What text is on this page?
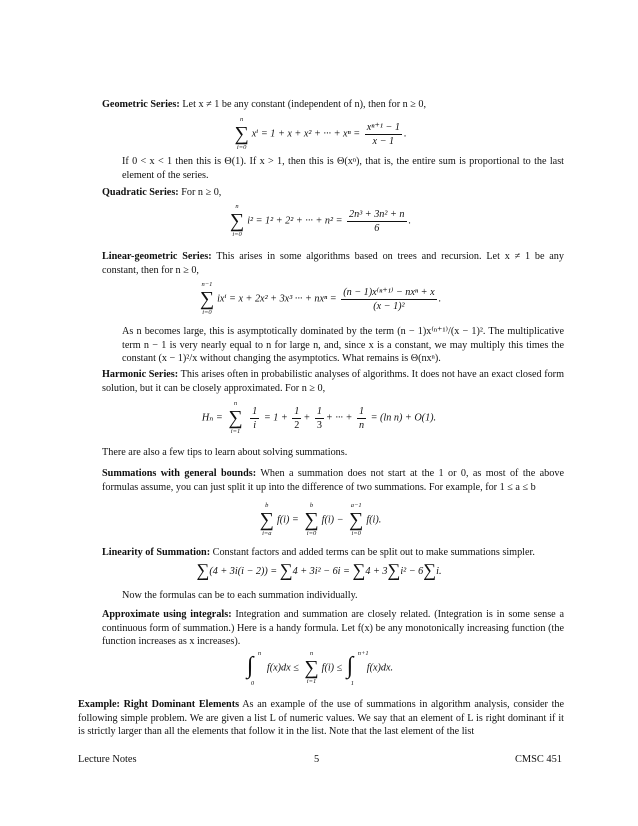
Geometric Series: Let x ≠ 1 be any constant (independent of n), then for n ≥ 0,
n
∑
i=0
xⁱ = 1 + x + x² + ··· + $x^n = \frac{\text{xⁿ⁺¹ − 1}}{x - 1}$ .
If 0 < x < 1 then this is Θ(1). If x > 1, then this is Θ(xⁿ), that is, the entire sum is proportional to the last element of the series.
Quadratic Series: For n ≥ 0,
n
∑
i=0
i² = 1² + 2² + ··· + $n^2 = \frac{\text{2n³ + 3n² + n}}{6}$ .
Linear-geometric Series: This arises in some algorithms based on trees and recursion. Let x ≠ 1 be any constant, then for n ≥ 0,
n−1
∑
i=0
ixⁱ = x + 2x² + 3x³ ··· + $nx^n = \frac{\text{(n − 1)x⁽ⁿ⁺¹⁾ − nxⁿ + x}}{\text{(x − 1)²}}$ .
As n becomes large, this is asymptotically dominated by the term (n − 1)x⁽ⁿ⁺¹⁾/(x − 1)². The multiplicative term n − 1 is very nearly equal to n for large n, and, since x is a constant, we may multiply this times the constant (x − 1)²/x without changing the asymptotics. What remains is Θ(nxⁿ).
Harmonic Series: This arises often in probabilistic analyses of algorithms. It does not have an exact closed form solution, but it can be closely approximated. For n ≥ 0,
Hₙ =
n
∑
i=1
$\frac{1}{i} = 1 + \frac{1}{2} + \frac{1}{3}$ + ··· + $\frac{1}{n} = (\ln$ n) + O(1).
There are also a few tips to learn about solving summations.
Summations with general bounds: When a summation does not start at the 1 or 0, as most of the above formulas assume, you can just split it up into the difference of two summations. For example, for 1 ≤ a ≤ b
b
∑
i=a
f(i) =
b
∑
i=0
f(i) −
a−1
∑
i=0
f(i).
Linearity of Summation: Constant factors and added terms can be split out to make summations simpler.
∑(4 + 3i(i − 2)) = ∑4 + 3i² − 6i = ∑4 + 3∑i² − 6∑i.
Now the formulas can be to each summation individually.
Approximate using integrals: Integration and summation are closely related. (Integration is in some sense a continuous form of summation.) Here is a handy formula. Let f(x) be any monotonically increasing function (the function increases as x increases).
n
∫
0
f(x)dx ≤
n
∑
i=1
f(i) ≤
n+1
∫
1
f(x)dx.
Example: Right Dominant Elements As an example of the use of summations in algorithm analysis, consider the following simple problem. We are given a list L of numeric values. We say that an element of L is right dominant if it is strictly larger than all the elements that follow it in the list. Note that the last element of the list
Lecture Notes	5	CMSC 451
